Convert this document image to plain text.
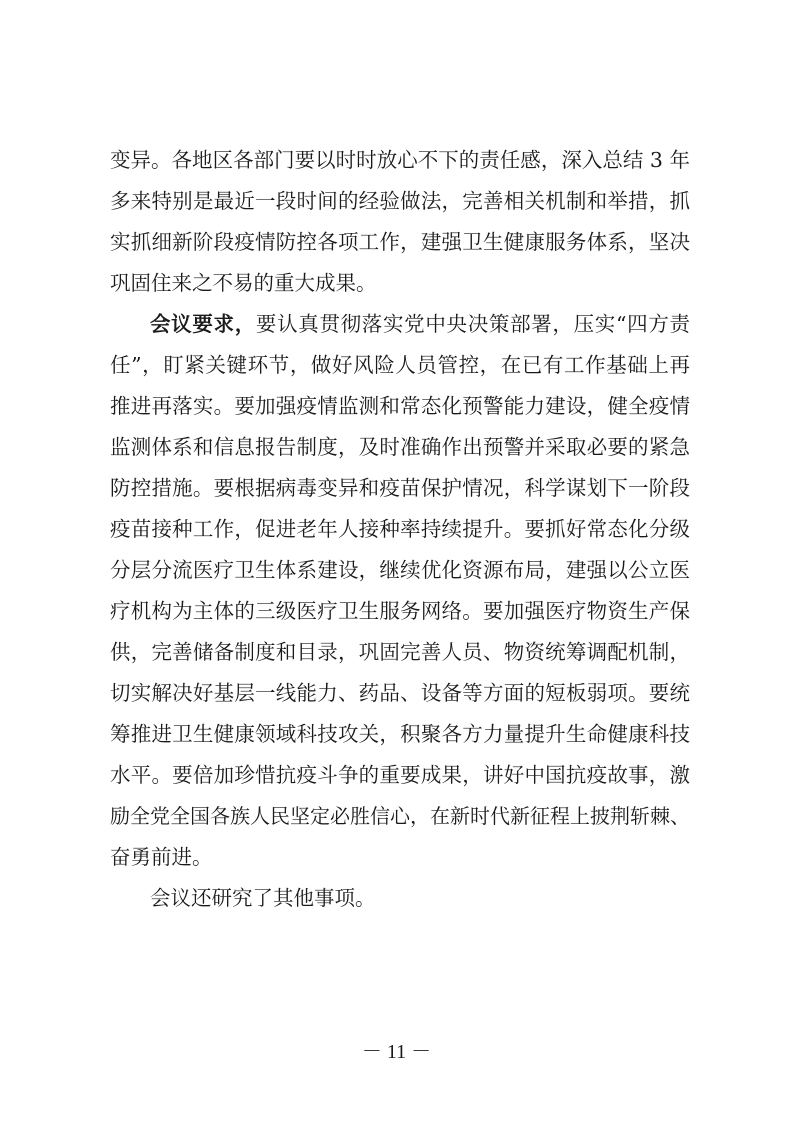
变异。各地区各部门要以时时放心不下的责任感，深入总结 3 年
多来特别是最近一段时间的经验做法，完善相关机制和举措，抓
实抓细新阶段疫情防控各项工作，建强卫生健康服务体系，坚决
巩固住来之不易的重大成果。
会议要求，要认真贯彻落实党中央决策部署，压实“四方责
任”，盯紧关键环节，做好风险人员管控，在已有工作基础上再
推进再落实。要加强疫情监测和常态化预警能力建设，健全疫情
监测体系和信息报告制度，及时准确作出预警并采取必要的紧急
防控措施。要根据病毒变异和疫苗保护情况，科学谋划下一阶段
疫苗接种工作，促进老年人接种率持续提升。要抓好常态化分级
分层分流医疗卫生体系建设，继续优化资源布局，建强以公立医
疗机构为主体的三级医疗卫生服务网络。要加强医疗物资生产保
供，完善储备制度和目录，巩固完善人员、物资统筹调配机制，
切实解决好基层一线能力、药品、设备等方面的短板弱项。要统
筹推进卫生健康领域科技攻关，积聚各方力量提升生命健康科技
水平。要倍加珍惜抗疫斗争的重要成果，讲好中国抗疫故事，激
励全党全国各族人民坚定必胜信心，在新时代新征程上披荆斩棘、
奋勇前进。
会议还研究了其他事项。
－ 11 －
